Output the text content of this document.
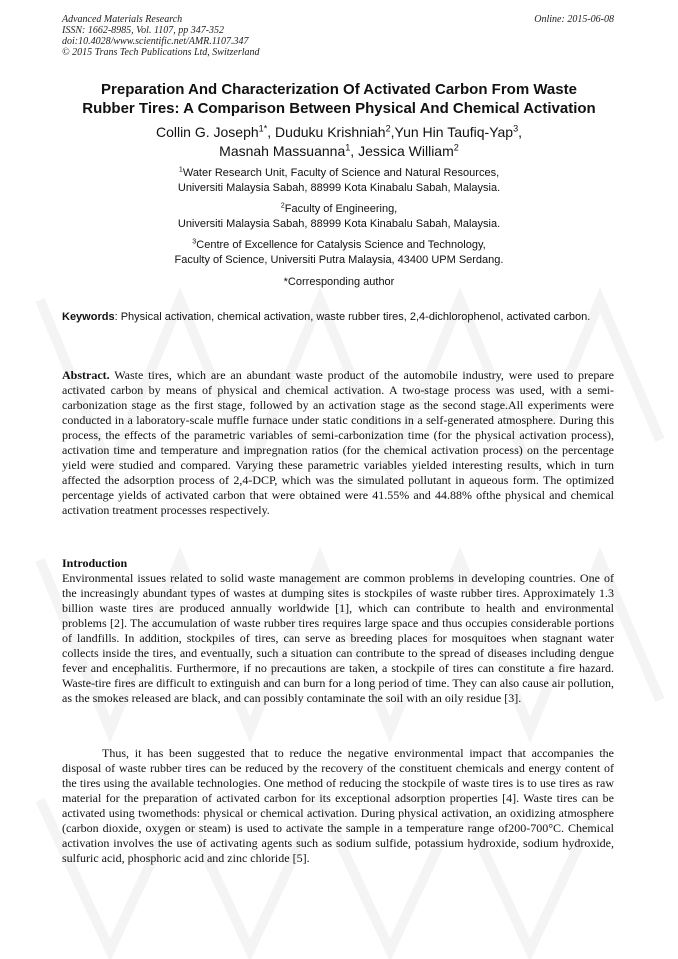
Advanced Materials Research
ISSN: 1662-8985, Vol. 1107, pp 347-352
doi:10.4028/www.scientific.net/AMR.1107.347
© 2015 Trans Tech Publications Ltd, Switzerland
Online: 2015-06-08
Preparation And Characterization Of Activated Carbon From Waste
Rubber Tires: A Comparison Between Physical And Chemical Activation
Collin G. Joseph$^{1*}$, Duduku Krishniah$^2$,Yun Hin Taufiq-Yap$^3$,
Masnah Massuanna$^1$, Jessica William$^2$
$^1$Water Research Unit, Faculty of Science and Natural Resources,
Universiti Malaysia Sabah, 88999 Kota Kinabalu Sabah, Malaysia.
$^2$Faculty of Engineering,
Universiti Malaysia Sabah, 88999 Kota Kinabalu Sabah, Malaysia.
$^3$Centre of Excellence for Catalysis Science and Technology,
Faculty of Science, Universiti Putra Malaysia, 43400 UPM Serdang.
*Corresponding author
Keywords: Physical activation, chemical activation, waste rubber tires, 2,4-dichlorophenol, activated carbon.
Abstract. Waste tires, which are an abundant waste product of the automobile industry, were used to prepare activated carbon by means of physical and chemical activation. A two-stage process was used, with a semi-carbonization stage as the first stage, followed by an activation stage as the second stage.All experiments were conducted in a laboratory-scale muffle furnace under static conditions in a self-generated atmosphere. During this process, the effects of the parametric variables of semi-carbonization time (for the physical activation process), activation time and temperature and impregnation ratios (for the chemical activation process) on the percentage yield were studied and compared. Varying these parametric variables yielded interesting results, which in turn affected the adsorption process of 2,4-DCP, which was the simulated pollutant in aqueous form. The optimized percentage yields of activated carbon that were obtained were 41.55% and 44.88% ofthe physical and chemical activation treatment processes respectively.
Introduction

Environmental issues related to solid waste management are common problems in developing countries. One of the increasingly abundant types of wastes at dumping sites is stockpiles of waste rubber tires. Approximately 1.3 billion waste tires are produced annually worldwide [1], which can contribute to health and environmental problems [2]. The accumulation of waste rubber tires requires large space and thus occupies considerable portions of landfills. In addition, stockpiles of tires, can serve as breeding places for mosquitoes when stagnant water collects inside the tires, and eventually, such a situation can contribute to the spread of diseases including dengue fever and encephalitis. Furthermore, if no precautions are taken, a stockpile of tires can constitute a fire hazard. Waste-tire fires are difficult to extinguish and can burn for a long period of time. They can also cause air pollution, as the smokes released are black, and can possibly contaminate the soil with an oily residue [3].

Thus, it has been suggested that to reduce the negative environmental impact that accompanies the disposal of waste rubber tires can be reduced by the recovery of the constituent chemicals and energy content of the tires using the available technologies. One method of reducing the stockpile of waste tires is to use tires as raw material for the preparation of activated carbon for its exceptional adsorption properties [4]. Waste tires can be activated using twomethods: physical or chemical activation. During physical activation, an oxidizing atmosphere (carbon dioxide, oxygen or steam) is used to activate the sample in a temperature range of200-700°C. Chemical activation involves the use of activating agents such as sodium sulfide, potassium hydroxide, sodium hydroxide, sulfuric acid, phosphoric acid and zinc chloride [5].
